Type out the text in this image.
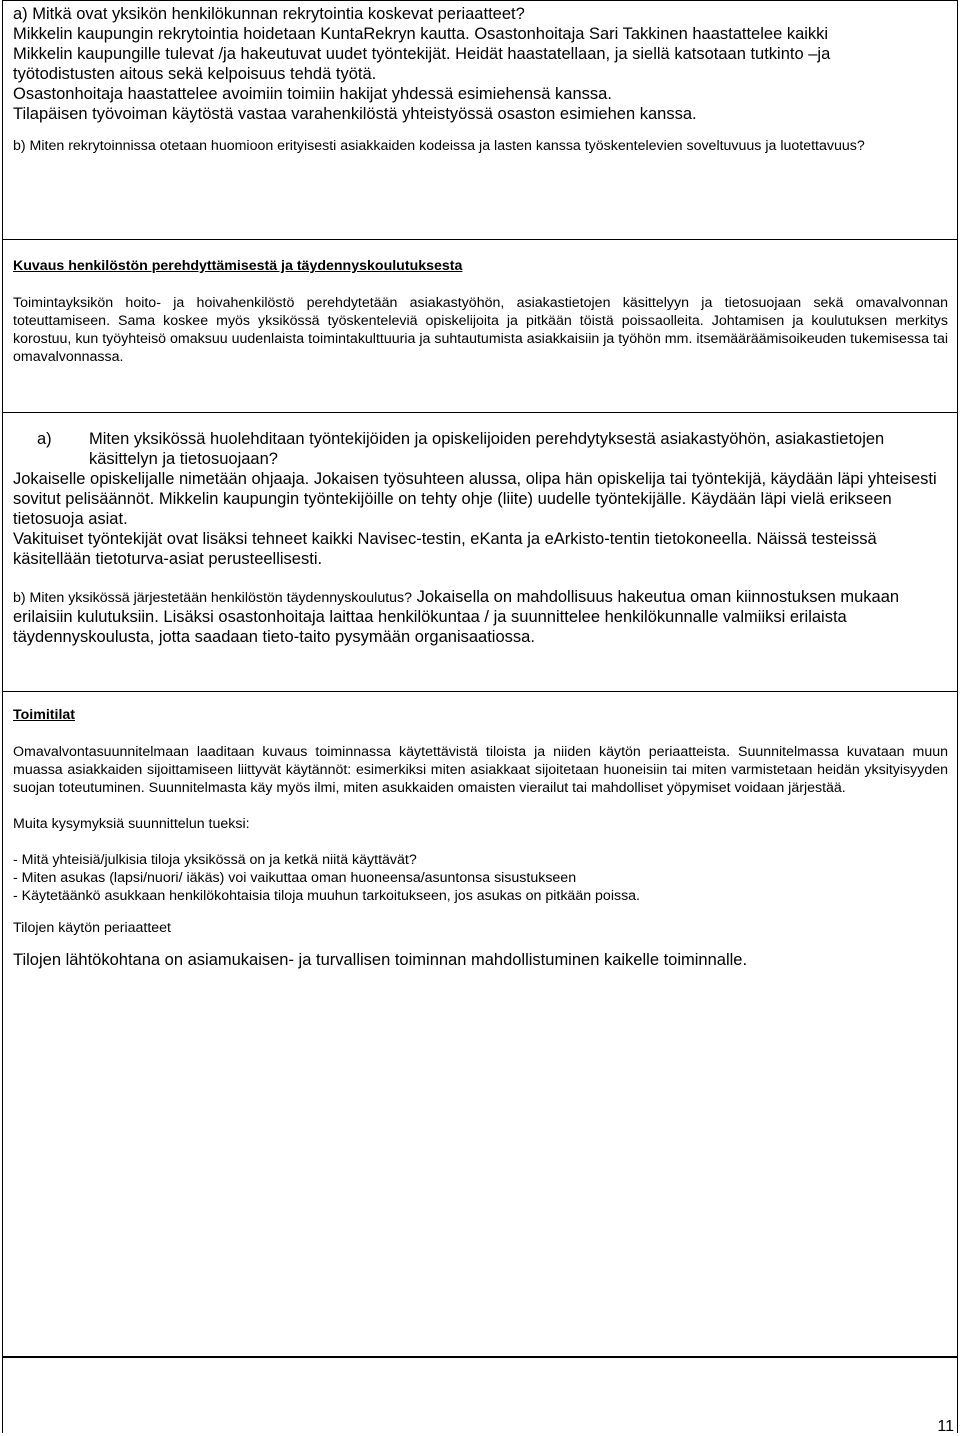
a) Mitkä ovat yksikön henkilökunnan rekrytointia koskevat periaatteet?

Mikkelin kaupungin rekrytointia hoidetaan KuntaRekryn kautta. Osastonhoitaja Sari Takkinen haastattelee kaikki

Mikkelin kaupungille tulevat /ja hakeutuvat uudet työntekijät. Heidät haastatellaan, ja siellä katsotaan tutkinto –ja

työtodistusten aitous sekä kelpoisuus tehdä työtä.

Osastonhoitaja haastattelee avoimiin toimiin hakijat yhdessä esimiehensä kanssa.

Tilapäisen työvoiman käytöstä vastaa varahenkilöstä yhteistyössä osaston esimiehen kanssa.

b) Miten rekrytoinnissa otetaan huomioon erityisesti asiakkaiden kodeissa ja lasten kanssa työskentelevien soveltuvuus ja luotettavuus?

Kuvaus henkilöstön perehdyttämisestä ja täydennyskoulutuksesta

Toimintayksikön hoito- ja hoivahenkilöstö perehdytetään asiakastyöhön, asiakastietojen käsittelyyn ja tietosuojaan sekä omavalvonnan toteuttamiseen. Sama koskee myös yksikössä työskenteleviä opiskelijoita ja pitkään töistä poissaolleita. Johtamisen ja koulutuksen merkitys korostuu, kun työyhteisö omaksuu uudenlaista toimintakulttuuria ja suhtautumista asiakkaisiin ja työhön mm. itsemääräämisoikeuden tukemisessa tai omavalvonnassa.

a)	Miten yksikössä huolehditaan työntekijöiden ja opiskelijoiden perehdytyksestä asiakastyöhön, asiakastietojen käsittelyn ja tietosuojaan?

Jokaiselle opiskelijalle nimetään ohjaaja. Jokaisen työsuhteen alussa, olipa hän opiskelija tai työntekijä, käydään läpi yhteisesti sovitut pelisäännöt. Mikkelin kaupungin työntekijöille on tehty ohje (liite) uudelle työntekijälle. Käydään läpi vielä erikseen tietosuoja asiat.

Vakituiset työntekijät ovat lisäksi tehneet kaikki Navisec-testin, eKanta ja eArkisto-tentin tietokoneella. Näissä testeissä käsitellään tietoturva-asiat perusteellisesti.

b) Miten yksikössä järjestetään henkilöstön täydennyskoulutus? Jokaisella on mahdollisuus hakeutua oman kiinnostuksen mukaan erilaisiin kulutuksiin. Lisäksi osastonhoitaja laittaa henkilökuntaa / ja suunnittelee henkilökunnalle valmiiksi erilaista täydennyskoulusta, jotta saadaan tieto-taito pysymään organisaatiossa.

Toimitilat

Omavalvontasuunnitelmaan laaditaan kuvaus toiminnassa käytettävistä tiloista ja niiden käytön periaatteista. Suunnitelmassa kuvataan muun muassa asiakkaiden sijoittamiseen liittyvät käytännöt: esimerkiksi miten asiakkaat sijoitetaan huoneisiin tai miten varmistetaan heidän yksityisyyden suojan toteutuminen. Suunnitelmasta käy myös ilmi, miten asukkaiden omaisten vierailut tai mahdolliset yöpymiset voidaan järjestää.

Muita kysymyksiä suunnittelun tueksi:

- Mitä yhteisiä/julkisia tiloja yksikössä on ja ketkä niitä käyttävät?

- Miten asukas (lapsi/nuori/ iäkäs) voi vaikuttaa oman huoneensa/asuntonsa sisustukseen

- Käytetäänkö asukkaan henkilökohtaisia tiloja muuhun tarkoitukseen, jos asukas on pitkään poissa.

Tilojen käytön periaatteet

Tilojen lähtökohtana on asiamukaisen- ja turvallisen toiminnan mahdollistuminen kaikelle toiminnalle.

11
